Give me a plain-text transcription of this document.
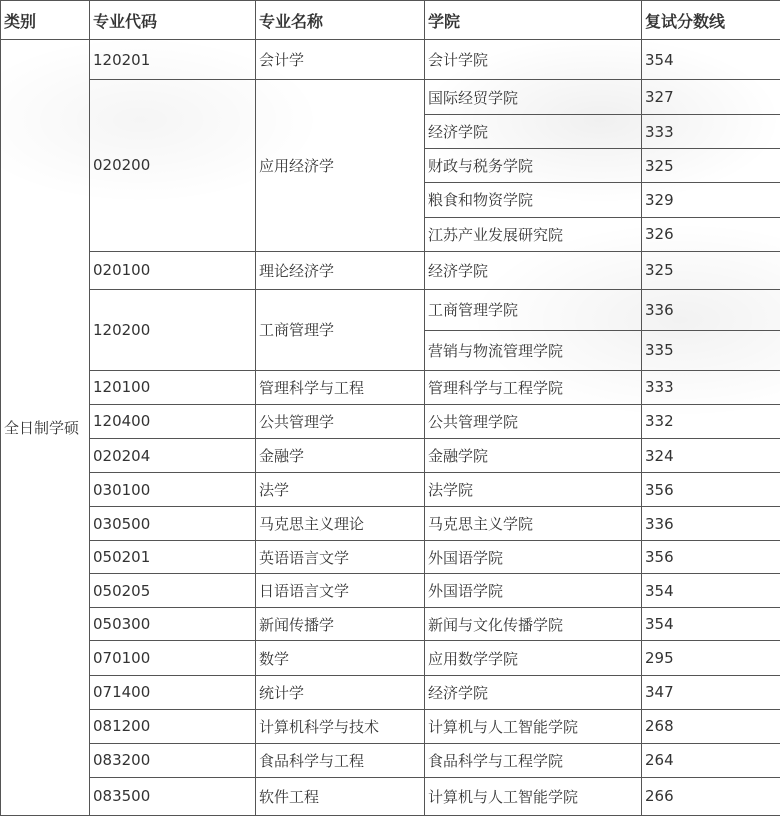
类别	专业代码	专业名称	学院	复试分数线
全日制学硕	120201	会计学	会计学院	354
	020200	应用经济学	国际经贸学院	327
			经济学院	333
			财政与税务学院	325
			粮食和物资学院	329
			江苏产业发展研究院	326
	020100	理论经济学	经济学院	325
	120200	工商管理学	工商管理学院	336
			营销与物流管理学院	335
	120100	管理科学与工程	管理科学与工程学院	333
	120400	公共管理学	公共管理学院	332
	020204	金融学	金融学院	324
	030100	法学	法学院	356
	030500	马克思主义理论	马克思主义学院	336
	050201	英语语言文学	外国语学院	356
	050205	日语语言文学	外国语学院	354
	050300	新闻传播学	新闻与文化传播学院	354
	070100	数学	应用数学学院	295
	071400	统计学	经济学院	347
	081200	计算机科学与技术	计算机与人工智能学院	268
	083200	食品科学与工程	食品科学与工程学院	264
	083500	软件工程	计算机与人工智能学院	266
